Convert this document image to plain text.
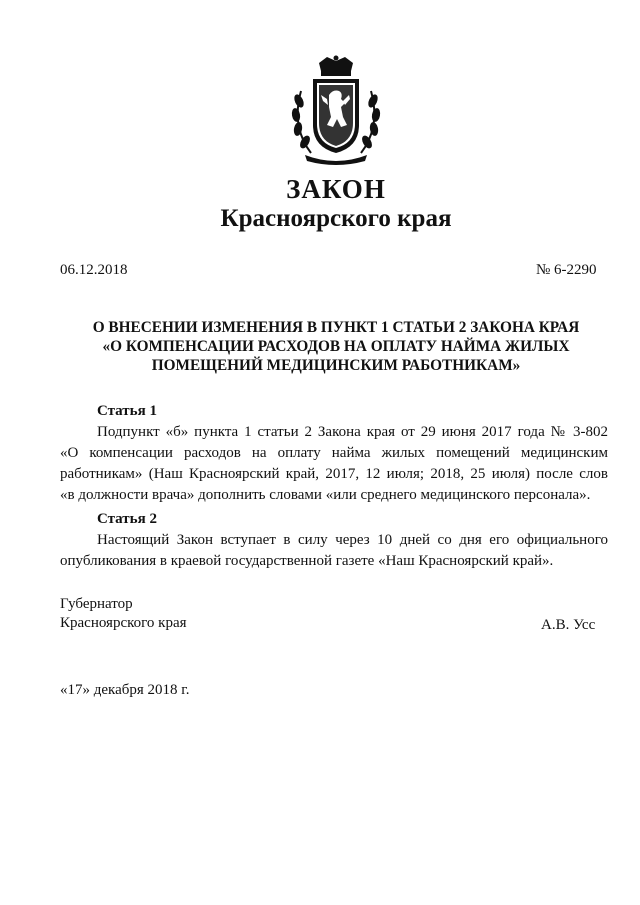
ЗАКОН
Красноярского края
06.12.2018	№ 6-2290
О ВНЕСЕНИИ ИЗМЕНЕНИЯ В ПУНКТ 1 СТАТЬИ 2 ЗАКОНА КРАЯ
«О КОМПЕНСАЦИИ РАСХОДОВ НА ОПЛАТУ НАЙМА ЖИЛЫХ
ПОМЕЩЕНИЙ МЕДИЦИНСКИМ РАБОТНИКАМ»
Статья 1
Подпункт «б» пункта 1 статьи 2 Закона края от 29 июня 2017 года № 3-802
«О компенсации расходов на оплату найма жилых помещений медицинским
работникам» (Наш Красноярский край, 2017, 12 июля; 2018, 25 июля) после слов
«в должности врача» дополнить словами «или среднего медицинского персонала».
Статья 2
Настоящий Закон вступает в силу через 10 дней со дня его официального
опубликования в краевой государственной газете «Наш Красноярский край».
Губернатор
Красноярского края	А.В. Усс
«17» декабря 2018 г.
